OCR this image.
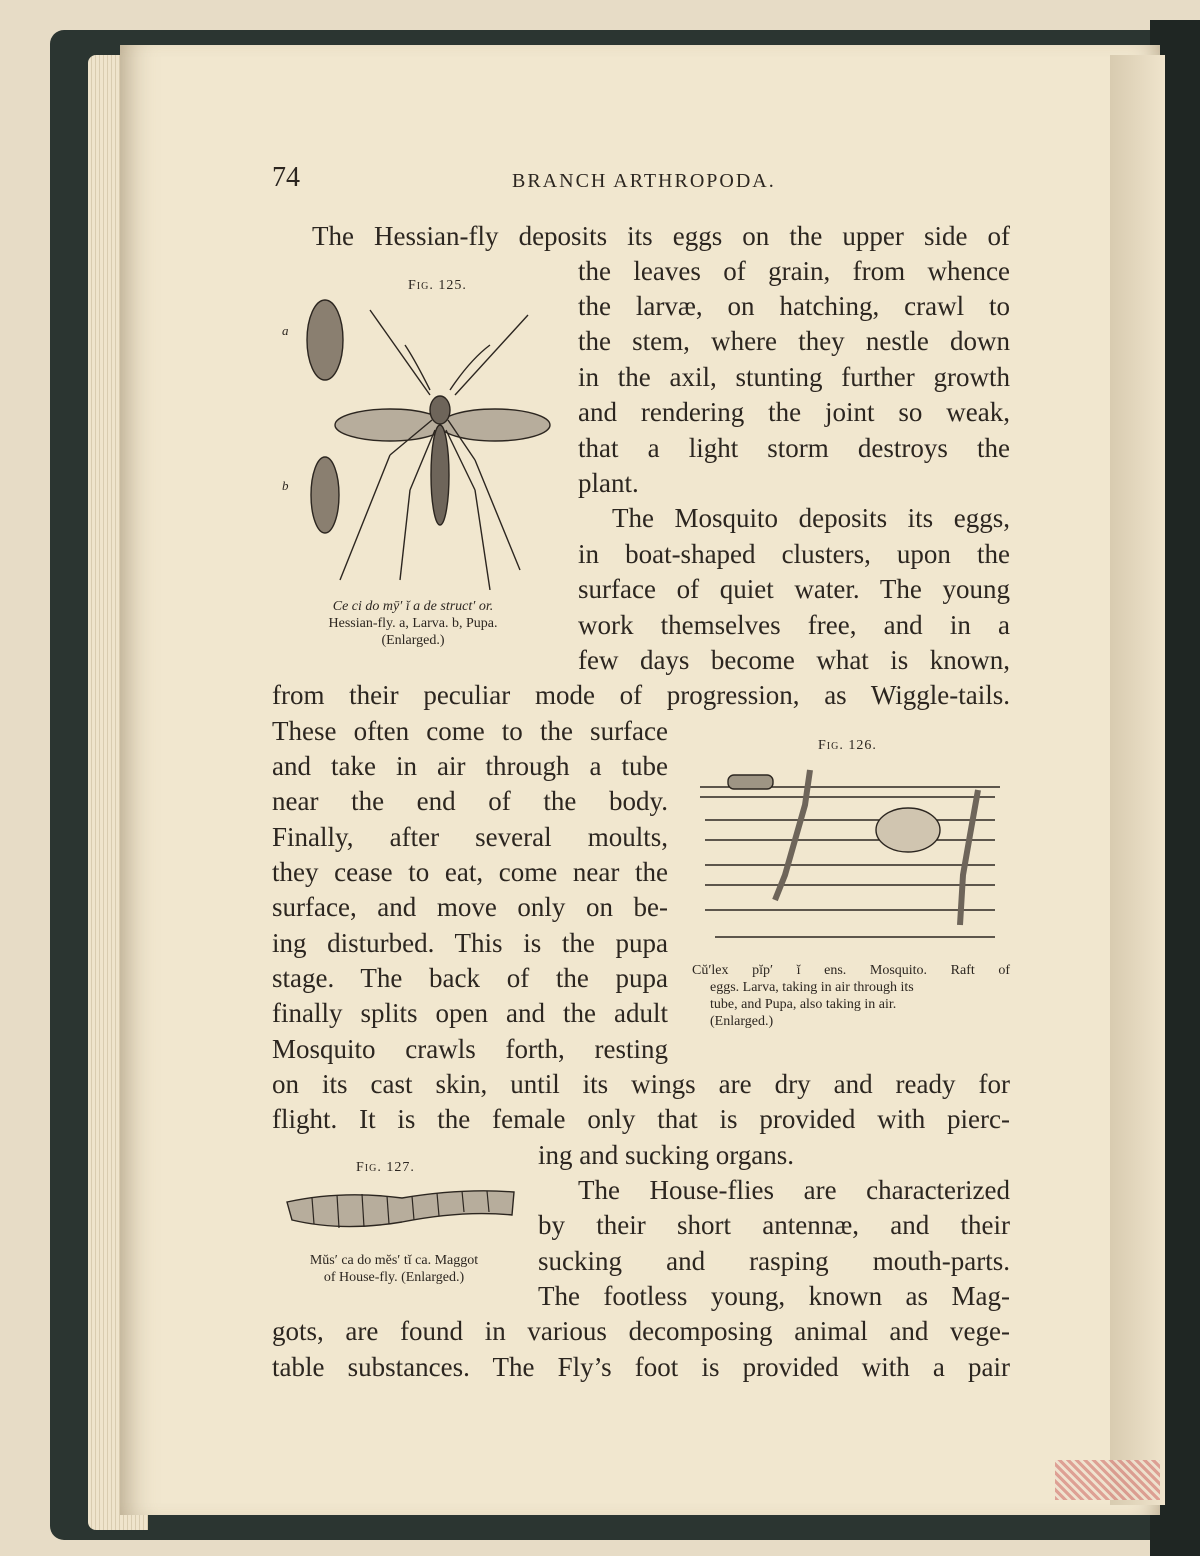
74	BRANCH ARTHROPODA.
Fig. 125.
a
b
Ce ci do mȳ′ ĭ a de struct′ or.
Hessian-fly. a, Larva. b, Pupa.
(Enlarged.)
Fig. 126.
Cŭ′lex pĭp′ ĭ ens. Mosquito. Raft of
eggs. Larva, taking in air through its
tube, and Pupa, also taking in air.
(Enlarged.)
Fig. 127.
Mŭs′ ca do mĕs′ tĭ ca. Maggot
of House-fly. (Enlarged.)
The Hessian-fly deposits its eggs on the upper side of
the leaves of grain, from whence
the larvæ, on hatching, crawl to
the stem, where they nestle down
in the axil, stunting further growth
and rendering the joint so weak,
that a light storm destroys the
plant.
The Mosquito deposits its eggs,
in boat-shaped clusters, upon the
surface of quiet water. The young
work themselves free, and in a
few days become what is known,
from their peculiar mode of progression, as Wiggle-tails.
These often come to the surface
and take in air through a tube
near the end of the body.
Finally, after several moults,
they cease to eat, come near the
surface, and move only on be-
ing disturbed. This is the pupa
stage. The back of the pupa
finally splits open and the adult
Mosquito crawls forth, resting
on its cast skin, until its wings are dry and ready for
flight. It is the female only that is provided with pierc-
ing and sucking organs.
The House-flies are characterized
by their short antennæ, and their
sucking and rasping mouth-parts.
The footless young, known as Mag-
gots, are found in various decomposing animal and vege-
table substances. The Fly’s foot is provided with a pair
